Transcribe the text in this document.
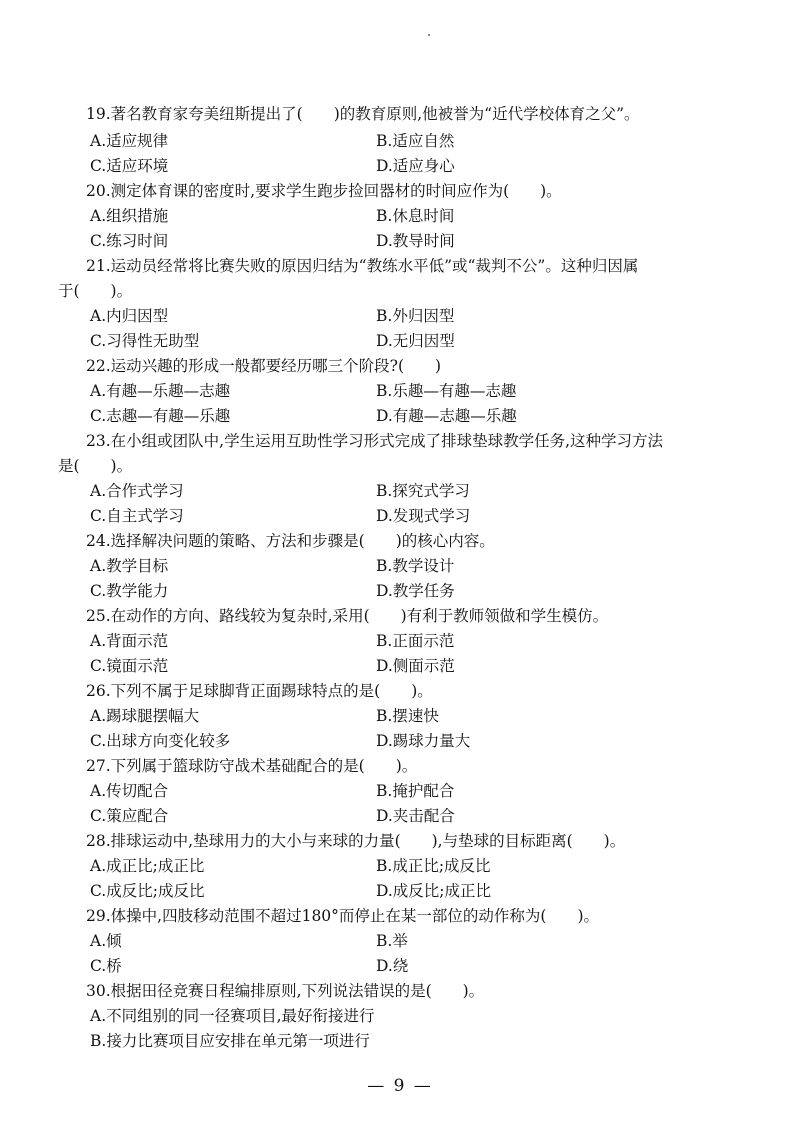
19.著名教育家夸美纽斯提出了(　　)的教育原则,他被誉为“近代学校体育之父”。
A.适应规律	B.适应自然
C.适应环境	D.适应身心
20.测定体育课的密度时,要求学生跑步捡回器材的时间应作为(　　)。
A.组织措施	B.休息时间
C.练习时间	D.教导时间
21.运动员经常将比赛失败的原因归结为“教练水平低”或“裁判不公”。这种归因属
于(　　)。
A.内归因型	B.外归因型
C.习得性无助型	D.无归因型
22.运动兴趣的形成一般都要经历哪三个阶段?(　　)
A.有趣—乐趣—志趣	B.乐趣—有趣—志趣
C.志趣—有趣—乐趣	D.有趣—志趣—乐趣
23.在小组或团队中,学生运用互助性学习形式完成了排球垫球教学任务,这种学习方法
是(　　)。
A.合作式学习	B.探究式学习
C.自主式学习	D.发现式学习
24.选择解决问题的策略、方法和步骤是(　　)的核心内容。
A.教学目标	B.教学设计
C.教学能力	D.教学任务
25.在动作的方向、路线较为复杂时,采用(　　)有利于教师领做和学生模仿。
A.背面示范	B.正面示范
C.镜面示范	D.侧面示范
26.下列不属于足球脚背正面踢球特点的是(　　)。
A.踢球腿摆幅大	B.摆速快
C.出球方向变化较多	D.踢球力量大
27.下列属于篮球防守战术基础配合的是(　　)。
A.传切配合	B.掩护配合
C.策应配合	D.夹击配合
28.排球运动中,垫球用力的大小与来球的力量(　　),与垫球的目标距离(　　)。
A.成正比;成正比	B.成正比;成反比
C.成反比;成反比	D.成反比;成正比
29.体操中,四肢移动范围不超过180°而停止在某一部位的动作称为(　　)。
A.倾	B.举
C.桥	D.绕
30.根据田径竞赛日程编排原则,下列说法错误的是(　　)。
A.不同组别的同一径赛项目,最好衔接进行
B.接力比赛项目应安排在单元第一项进行
— 9 —
